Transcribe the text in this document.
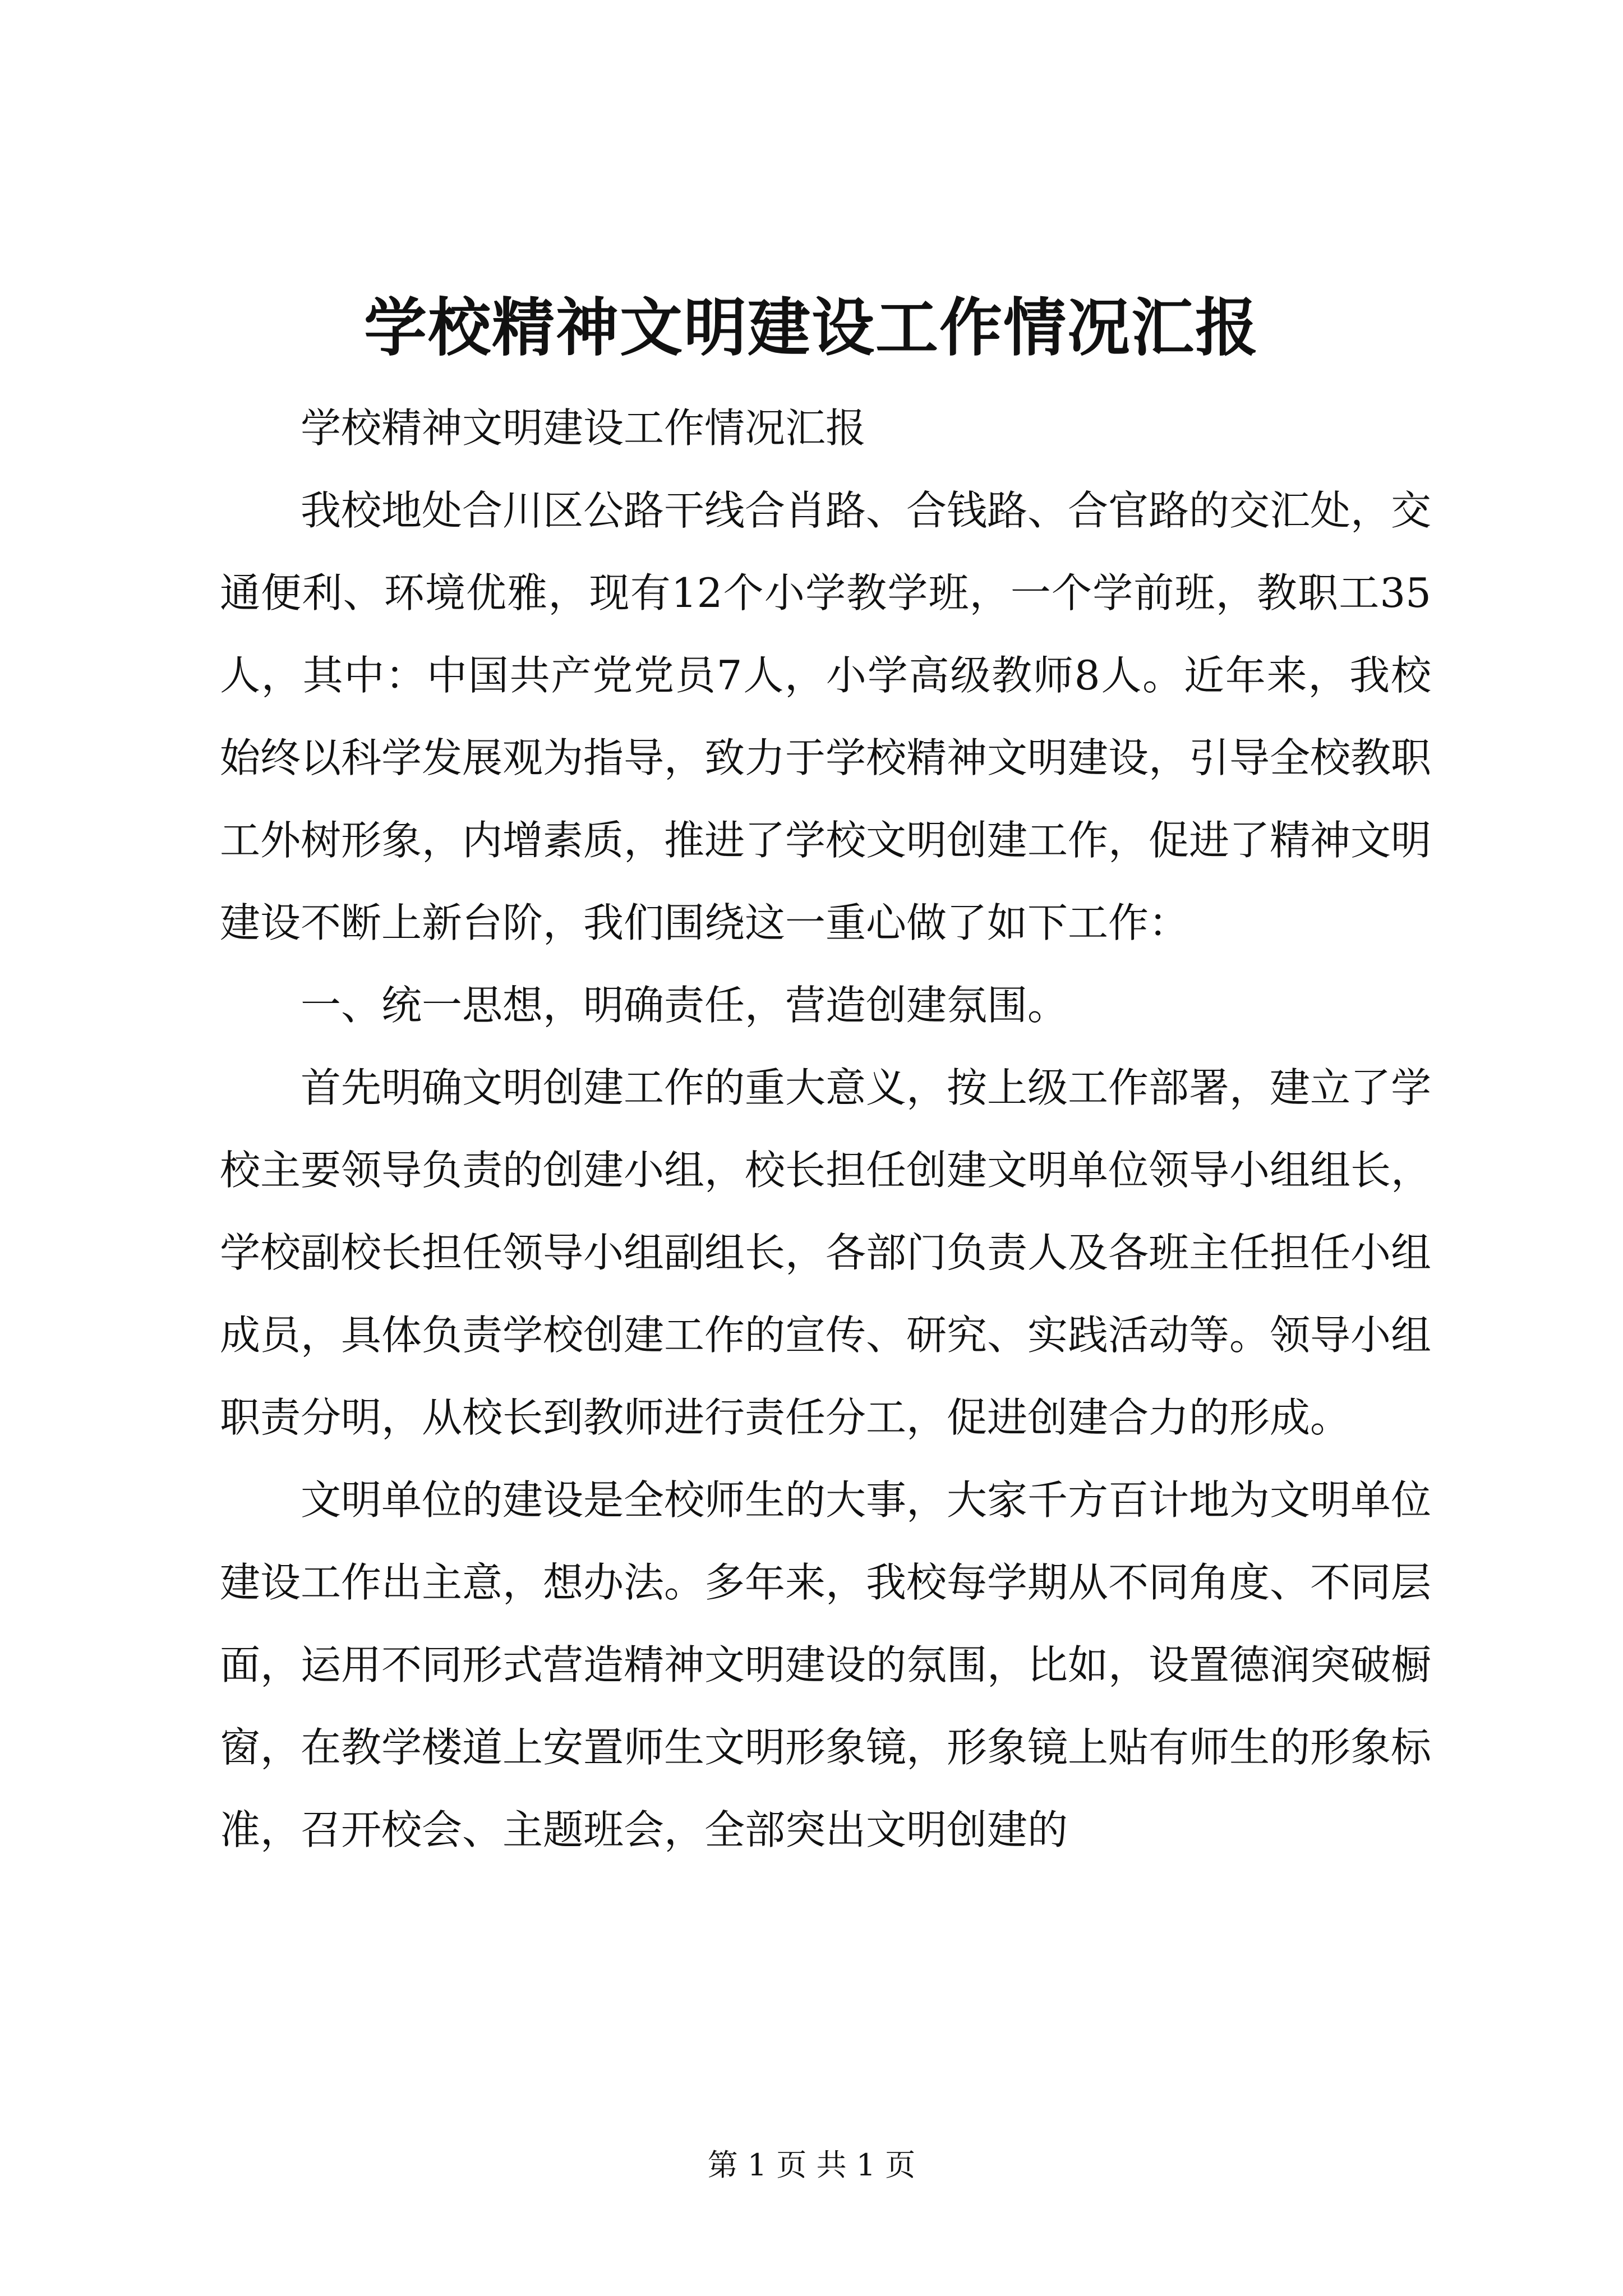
学校精神文明建设工作情况汇报

学校精神文明建设工作情况汇报

我校地处合川区公路干线合肖路、合钱路、合官路的交汇处，交通便利、环境优雅，现有12个小学教学班，一个学前班，教职工35人，其中：中国共产党党员7人，小学高级教师8人。近年来，我校始终以科学发展观为指导，致力于学校精神文明建设，引导全校教职工外树形象，内增素质，推进了学校文明创建工作，促进了精神文明建设不断上新台阶，我们围绕这一重心做了如下工作：

一、统一思想，明确责任，营造创建氛围。

首先明确文明创建工作的重大意义，按上级工作部署，建立了学校主要领导负责的创建小组，校长担任创建文明单位领导小组组长，学校副校长担任领导小组副组长，各部门负责人及各班主任担任小组成员，具体负责学校创建工作的宣传、研究、实践活动等。领导小组职责分明，从校长到教师进行责任分工，促进创建合力的形成。

文明单位的建设是全校师生的大事，大家千方百计地为文明单位建设工作出主意，想办法。多年来，我校每学期从不同角度、不同层面，运用不同形式营造精神文明建设的氛围，比如，设置德润突破橱窗，在教学楼道上安置师生文明形象镜，形象镜上贴有师生的形象标准，召开校会、主题班会，全部突出文明创建的

第 1 页 共 1 页
